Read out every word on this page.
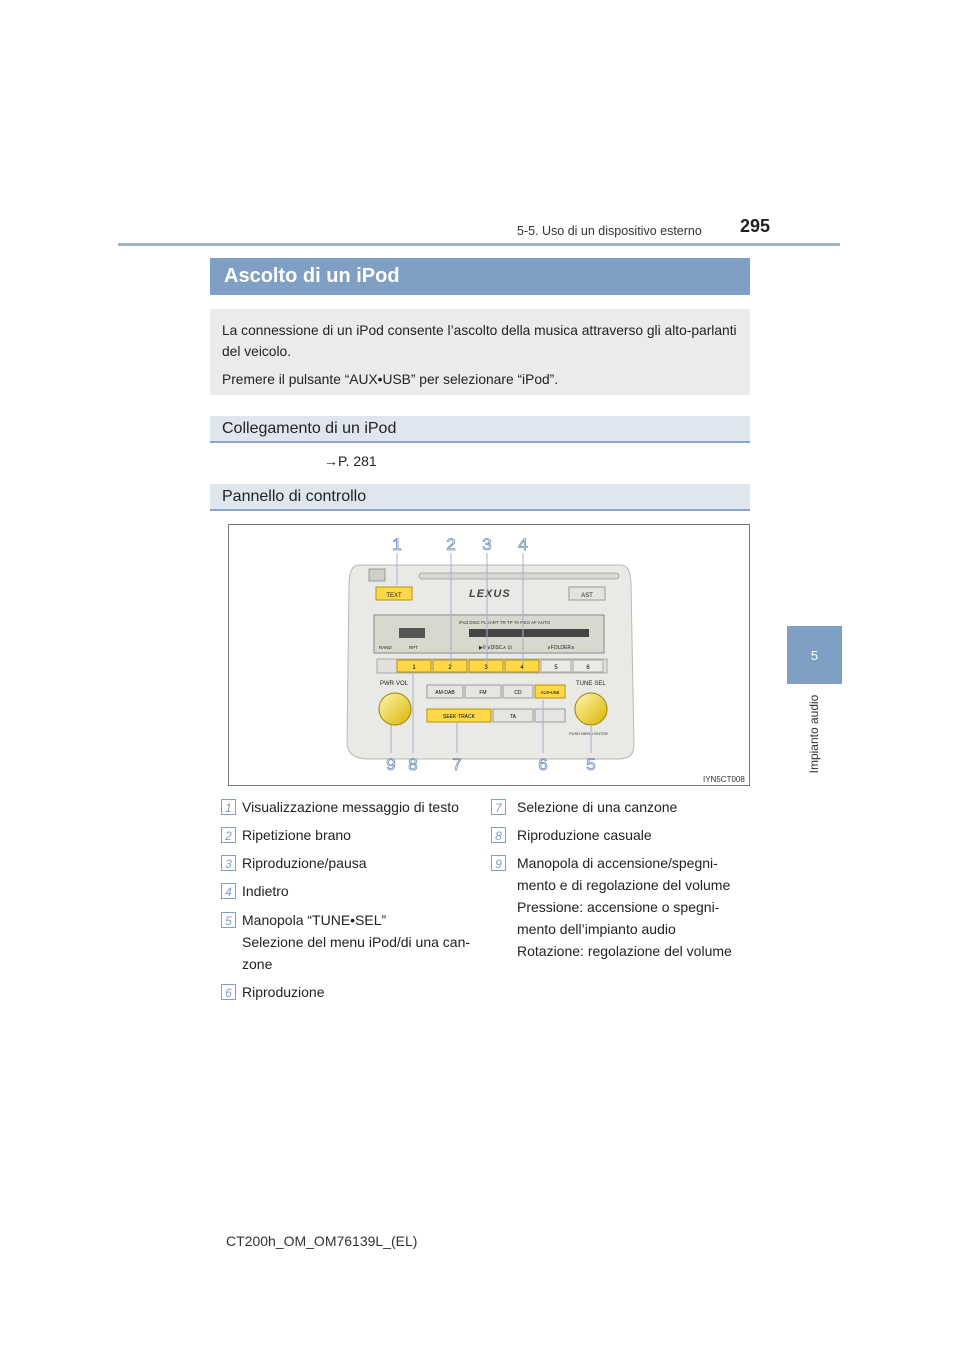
5-5. Uso di un dispositivo esterno 295
5
Impianto audio
Ascolto di un iPod

La connessione di un iPod consente l’ascolto della musica attraverso gli alto-parlanti del veicolo.

Premere il pulsante “AUX•USB” per selezionare “iPod”.

Collegamento di un iPod
→P. 281
Pannello di controllo
TEXT	LEXUS	AST
iPod DISC FLDART TR TP TA REG AF AUTO
RAND	RPT	▶II ∨DISC∧ ⊡	∨FOLDER∧
1	2	3	4	5	6
PWR·VOL	TUNE·SEL
AM·DAB	FM	CD	AUX•USB
SEEK·TRACK	TA
PUSH MENU·ENTER
1	2 3 4
5
6
7
8
9
IYN5CT008
1 Visualizzazione messaggio di testo
2 Ripetizione brano
3 Riproduzione/pausa
4 Indietro
5 Manopola “TUNE•SEL”
Selezione del menu iPod/di una can-
zone
6 Riproduzione
7 Selezione di una canzone
8 Riproduzione casuale
9 Manopola di accensione/spegni-
mento e di regolazione del volume
Pressione: accensione o spegni-
mento dell’impianto audio
Rotazione: regolazione del volume
CT200h_OM_OM76139L_(EL)
